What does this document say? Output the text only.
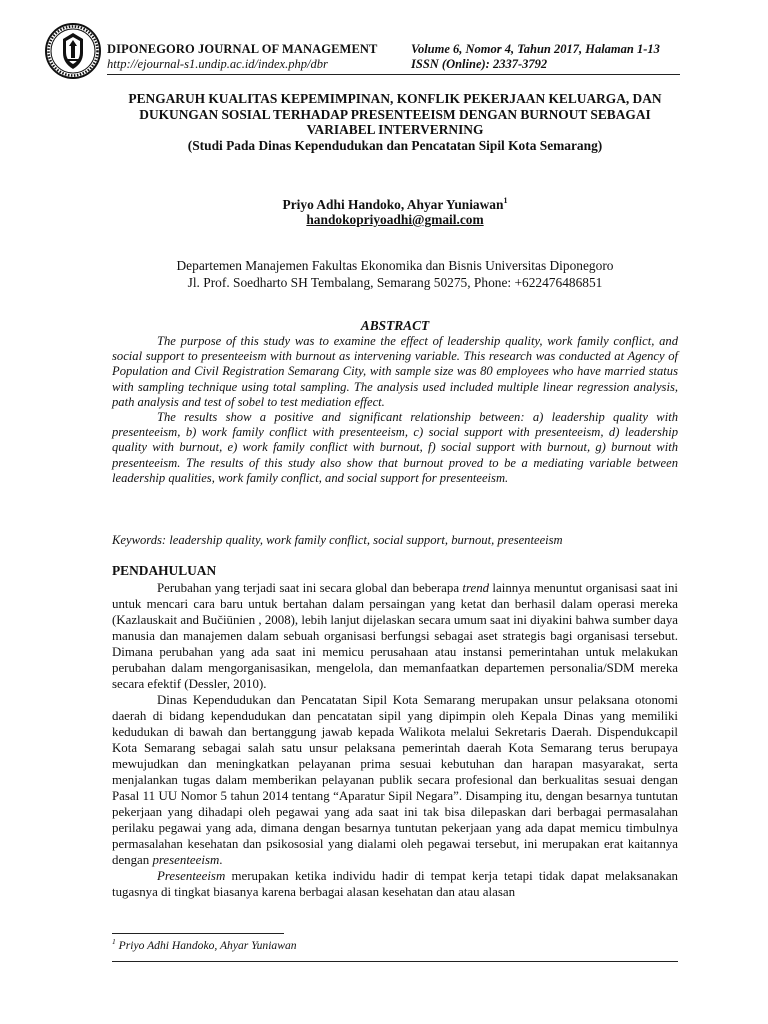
DIPONEGORO JOURNAL OF MANAGEMENT
http://ejournal-s1.undip.ac.id/index.php/dbr
Volume 6, Nomor 4, Tahun 2017, Halaman 1-13
ISSN (Online): 2337-3792
PENGARUH KUALITAS KEPEMIMPINAN, KONFLIK PEKERJAAN KELUARGA, DAN
DUKUNGAN SOSIAL TERHADAP PRESENTEEISM DENGAN BURNOUT SEBAGAI
VARIABEL INTERVERNING
(Studi Pada Dinas Kependudukan dan Pencatatan Sipil Kota Semarang)
Priyo Adhi Handoko, Ahyar Yuniawan$^1$
handokopriyoadhi@gmail.com
Departemen Manajemen Fakultas Ekonomika dan Bisnis Universitas Diponegoro
Jl. Prof. Soedharto SH Tembalang, Semarang 50275, Phone: +622476486851
ABSTRACT

The purpose of this study was to examine the effect of leadership quality, work family conflict, and social support to presenteeism with burnout as intervening variable. This research was conducted at Agency of Population and Civil Registration Semarang City, with sample size was 80 employees who have married status with sampling technique using total sampling. The analysis used included multiple linear regression analysis, path analysis and test of sobel to test mediation effect.

The results show a positive and significant relationship between: a) leadership quality with presenteeism, b) work family conflict with presenteeism, c) social support with presenteeism, d) leadership quality with burnout, e) work family conflict with burnout, f) social support with burnout, g) burnout with presenteeism. The results of this study also show that burnout proved to be a mediating variable between leadership qualities, work family conflict, and social support for presenteeism.

Keywords: leadership quality, work family conflict, social support, burnout, presenteeism
PENDAHULUAN

Perubahan yang terjadi saat ini secara global dan beberapa trend lainnya menuntut organisasi saat ini untuk mencari cara baru untuk bertahan dalam persaingan yang ketat dan berhasil dalam operasi mereka (Kazlauskait and Bučiūnien , 2008), lebih lanjut dijelaskan secara umum saat ini diyakini bahwa sumber daya manusia dan manajemen dalam sebuah organisasi berfungsi sebagai aset strategis bagi organisasi tersebut. Dimana perubahan yang ada saat ini memicu perusahaan atau instansi pemerintahan untuk melakukan perubahan dalam mengorganisasikan, mengelola, dan memanfaatkan departemen personalia/SDM mereka secara efektif (Dessler, 2010).

Dinas Kependudukan dan Pencatatan Sipil Kota Semarang merupakan unsur pelaksana otonomi daerah di bidang kependudukan dan pencatatan sipil yang dipimpin oleh Kepala Dinas yang memiliki kedudukan di bawah dan bertanggung jawab kepada Walikota melalui Sekretaris Daerah. Dispendukcapil Kota Semarang sebagai salah satu unsur pelaksana pemerintah daerah Kota Semarang terus berupaya mewujudkan dan meningkatkan pelayanan prima sesuai kebutuhan dan harapan masyarakat, serta menjalankan tugas dalam memberikan pelayanan publik secara profesional dan berkualitas sesuai dengan Pasal 11 UU Nomor 5 tahun 2014 tentang “Aparatur Sipil Negara”. Disamping itu, dengan besarnya tuntutan pekerjaan yang dihadapi oleh pegawai yang ada saat ini tak bisa dilepaskan dari berbagai permasalahan perilaku pegawai yang ada, dimana dengan besarnya tuntutan pekerjaan yang ada dapat memicu timbulnya permasalahan kesehatan dan psikososial yang dialami oleh pegawai tersebut, ini merupakan erat kaitannya dengan presenteeism.

Presenteeism merupakan ketika individu hadir di tempat kerja tetapi tidak dapat melaksanakan tugasnya di tingkat biasanya karena berbagai alasan kesehatan dan atau alasan

$^1$ Priyo Adhi Handoko, Ahyar Yuniawan
